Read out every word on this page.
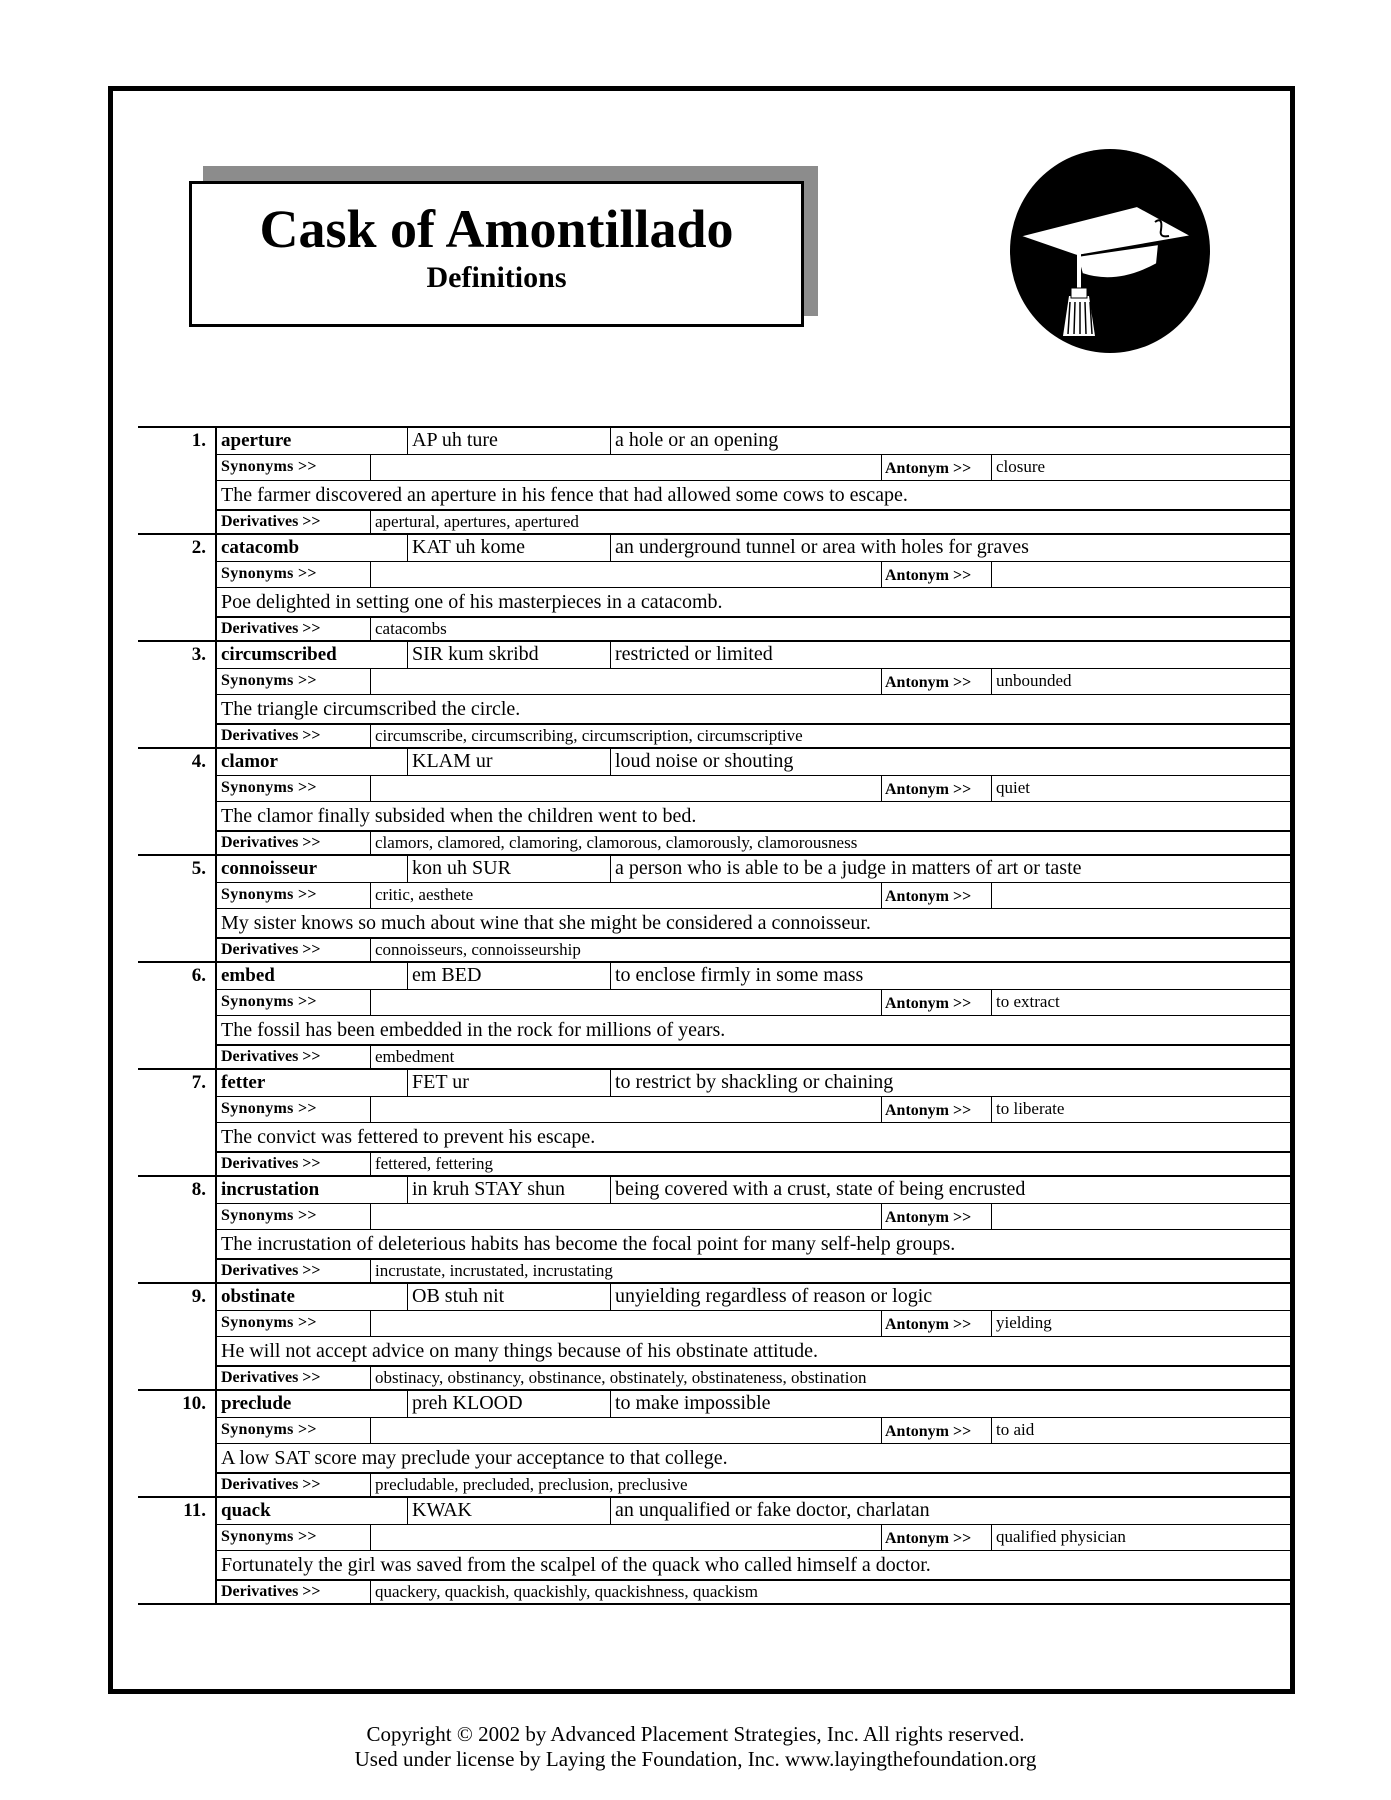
Cask of Amontillado
Definitions
1. aperture	AP uh ture	a hole or an opening
Synonyms >>	Antonym >>	closure
The farmer discovered an aperture in his fence that had allowed some cows to escape.
Derivatives >>	apertural, apertures, apertured
2. catacomb	KAT uh kome	an underground tunnel or area with holes for graves
Synonyms >>	Antonym >>
Poe delighted in setting one of his masterpieces in a catacomb.
Derivatives >>	catacombs
3. circumscribed	SIR kum skribd	restricted or limited
Synonyms >>	Antonym >>	unbounded
The triangle circumscribed the circle.
Derivatives >>	circumscribe, circumscribing, circumscription, circumscriptive
4. clamor	KLAM ur	loud noise or shouting
Synonyms >>	Antonym >>	quiet
The clamor finally subsided when the children went to bed.
Derivatives >>	clamors, clamored, clamoring, clamorous, clamorously, clamorousness
5. connoisseur	kon uh SUR	a person who is able to be a judge in matters of art or taste
Synonyms >>	critic, aesthete	Antonym >>
My sister knows so much about wine that she might be considered a connoisseur.
Derivatives >>	connoisseurs, connoisseurship
6. embed	em BED	to enclose firmly in some mass
Synonyms >>	Antonym >>	to extract
The fossil has been embedded in the rock for millions of years.
Derivatives >>	embedment
7. fetter	FET ur	to restrict by shackling or chaining
Synonyms >>	Antonym >>	to liberate
The convict was fettered to prevent his escape.
Derivatives >>	fettered, fettering
8. incrustation	in kruh STAY shun	being covered with a crust, state of being encrusted
Synonyms >>	Antonym >>
The incrustation of deleterious habits has become the focal point for many self-help groups.
Derivatives >>	incrustate, incrustated, incrustating
9. obstinate	OB stuh nit	unyielding regardless of reason or logic
Synonyms >>	Antonym >>	yielding
He will not accept advice on many things because of his obstinate attitude.
Derivatives >>	obstinacy, obstinancy, obstinance, obstinately, obstinateness, obstination
10. preclude	preh KLOOD	to make impossible
Synonyms >>	Antonym >>	to aid
A low SAT score may preclude your acceptance to that college.
Derivatives >>	precludable, precluded, preclusion, preclusive
11. quack	KWAK	an unqualified or fake doctor, charlatan
Synonyms >>	Antonym >>	qualified physician
Fortunately the girl was saved from the scalpel of the quack who called himself a doctor.
Derivatives >>	quackery, quackish, quackishly, quackishness, quackism
Copyright © 2002 by Advanced Placement Strategies, Inc. All rights reserved.
Used under license by Laying the Foundation, Inc. www.layingthefoundation.org
